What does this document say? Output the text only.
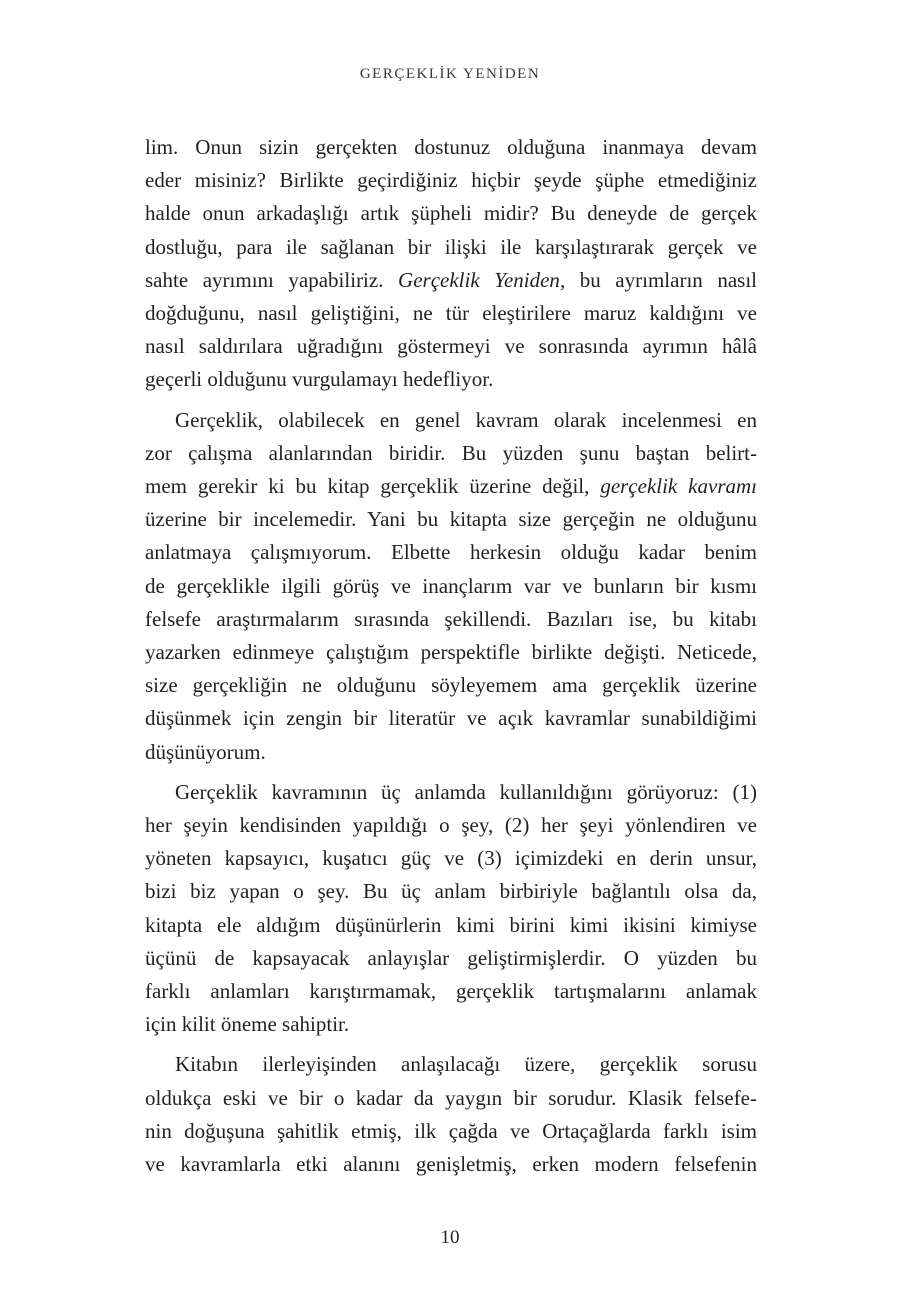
GERÇEKLİK YENİDEN
lim. Onun sizin gerçekten dostunuz olduğuna inanmaya devam
eder misiniz? Birlikte geçirdiğiniz hiçbir şeyde şüphe etmediğiniz
halde onun arkadaşlığı artık şüpheli midir? Bu deneyde de gerçek
dostluğu, para ile sağlanan bir ilişki ile karşılaştırarak gerçek ve
sahte ayrımını yapabiliriz. Gerçeklik Yeniden, bu ayrımların nasıl
doğduğunu, nasıl geliştiğini, ne tür eleştirilere maruz kaldığını ve
nasıl saldırılara uğradığını göstermeyi ve sonrasında ayrımın hâlâ
geçerli olduğunu vurgulamayı hedefliyor.
Gerçeklik, olabilecek en genel kavram olarak incelenmesi en
zor çalışma alanlarından biridir. Bu yüzden şunu baştan belirt-
mem gerekir ki bu kitap gerçeklik üzerine değil, gerçeklik kavramı
üzerine bir incelemedir. Yani bu kitapta size gerçeğin ne olduğunu
anlatmaya çalışmıyorum. Elbette herkesin olduğu kadar benim
de gerçeklikle ilgili görüş ve inançlarım var ve bunların bir kısmı
felsefe araştırmalarım sırasında şekillendi. Bazıları ise, bu kitabı
yazarken edinmeye çalıştığım perspektifle birlikte değişti. Neticede,
size gerçekliğin ne olduğunu söyleyemem ama gerçeklik üzerine
düşünmek için zengin bir literatür ve açık kavramlar sunabildiğimi
düşünüyorum.
Gerçeklik kavramının üç anlamda kullanıldığını görüyoruz: (1)
her şeyin kendisinden yapıldığı o şey, (2) her şeyi yönlendiren ve
yöneten kapsayıcı, kuşatıcı güç ve (3) içimizdeki en derin unsur,
bizi biz yapan o şey. Bu üç anlam birbiriyle bağlantılı olsa da,
kitapta ele aldığım düşünürlerin kimi birini kimi ikisini kimiyse
üçünü de kapsayacak anlayışlar geliştirmişlerdir. O yüzden bu
farklı anlamları karıştırmamak, gerçeklik tartışmalarını anlamak
için kilit öneme sahiptir.
Kitabın ilerleyişinden anlaşılacağı üzere, gerçeklik sorusu
oldukça eski ve bir o kadar da yaygın bir sorudur. Klasik felsefe-
nin doğuşuna şahitlik etmiş, ilk çağda ve Ortaçağlarda farklı isim
ve kavramlarla etki alanını genişletmiş, erken modern felsefenin
10
